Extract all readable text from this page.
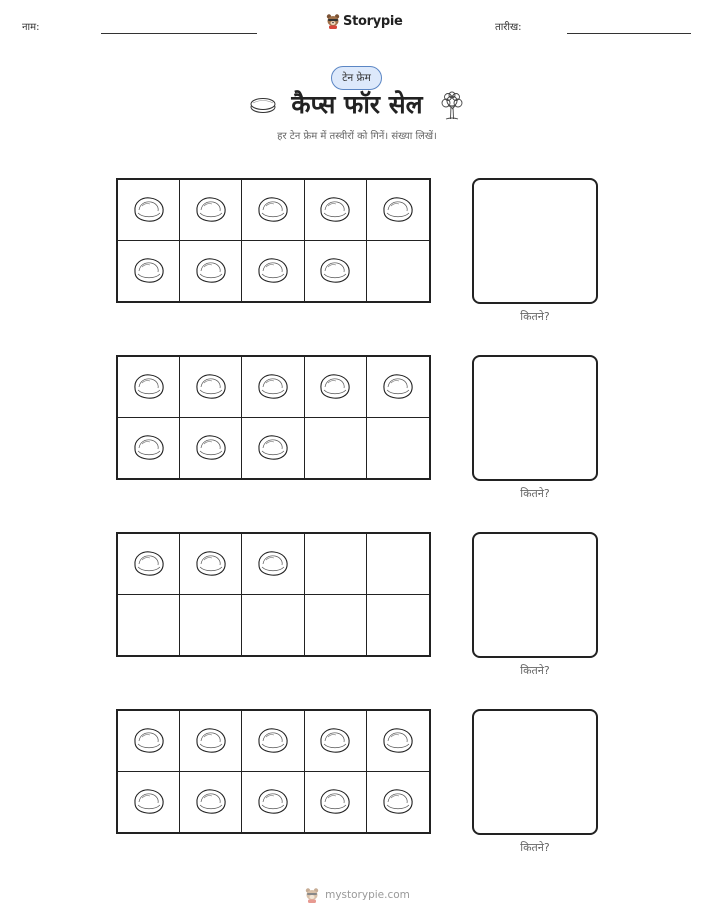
नाम:	Storypie	तारीख:
टेन फ्रेम
कैप्स फॉर सेल
हर टेन फ्रेम में तस्वीरों को गिनें। संख्या लिखें।
कितने?
कितने?
कितने?
कितने?
mystorypie.com
